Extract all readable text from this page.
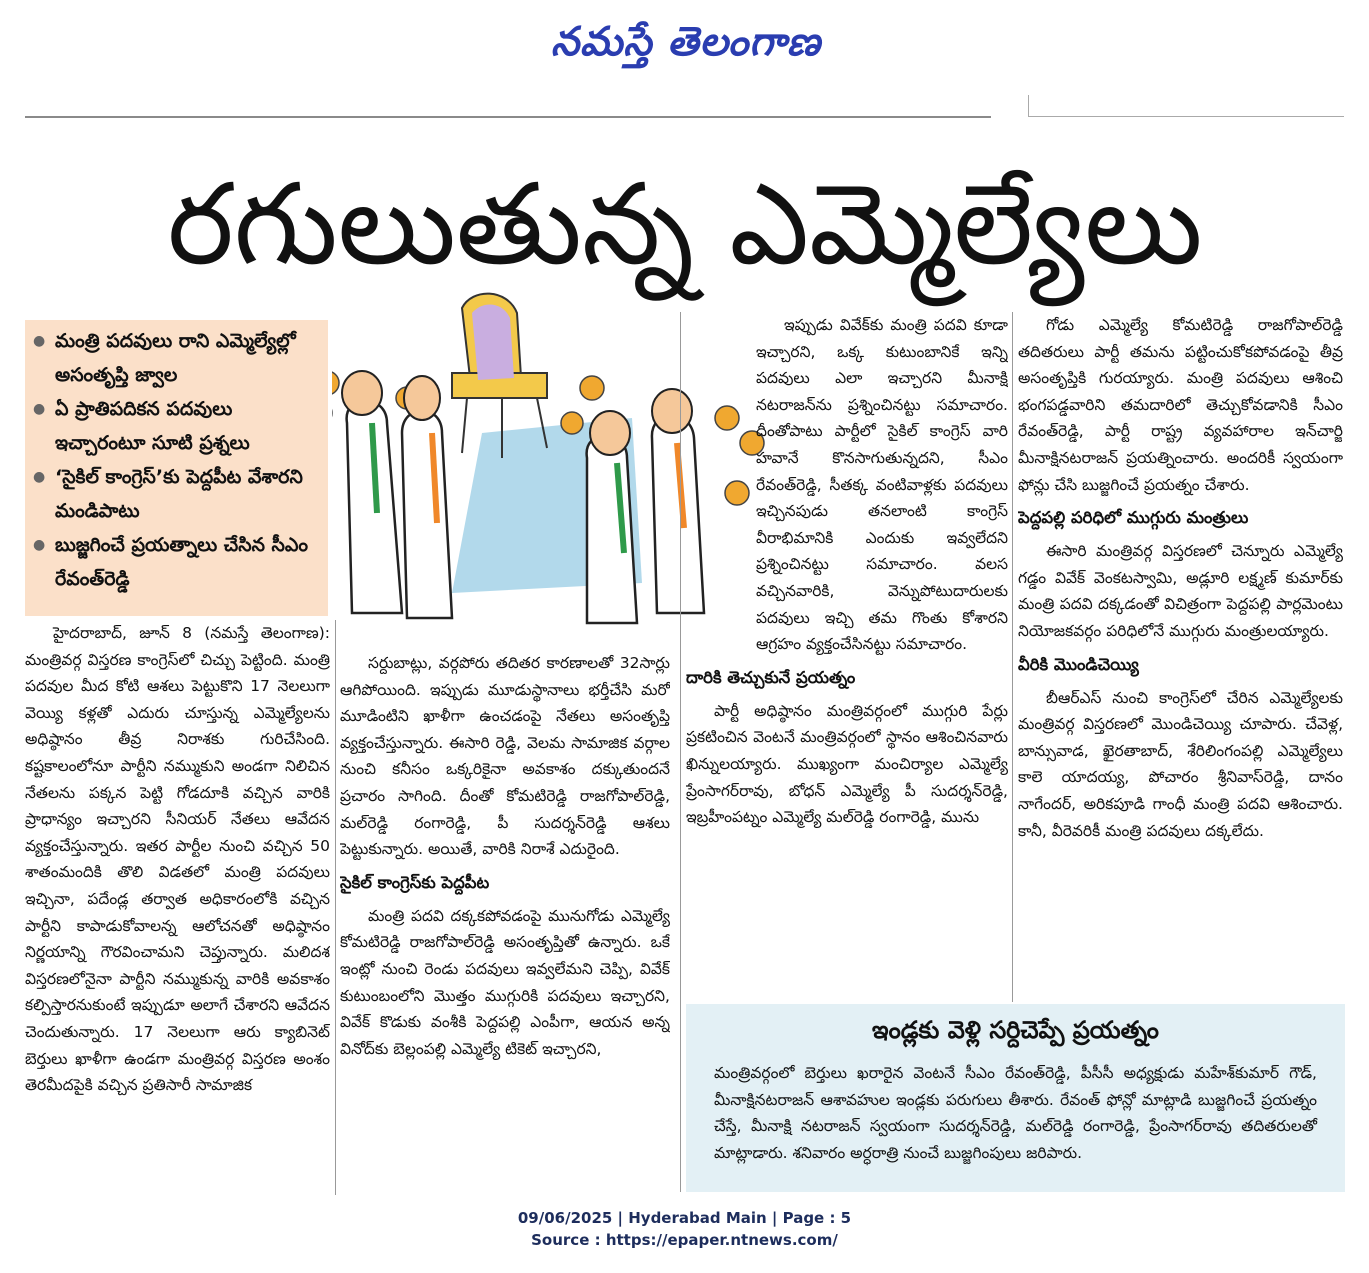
నమస్తే తెలంగాణ
రగులుతున్న ఎమ్మెల్యేలు
● మంత్రి పదవులు రాని ఎమ్మెల్యేల్లో అసంతృప్తి జ్వాల
● ఏ ప్రాతిపదికన పదవులు ఇచ్చారంటూ సూటి ప్రశ్నలు
● ‘సైకిల్ కాంగ్రెస్’కు పెద్దపీట వేశారని మండిపాటు
● బుజ్జగించే ప్రయత్నాలు చేసిన సీఎం రేవంత్‌రెడ్డి

హైదరాబాద్, జూన్ 8 (నమస్తే తెలంగాణ): మంత్రివర్గ విస్తరణ కాంగ్రెస్‌లో చిచ్చు పెట్టింది. మంత్రి పదవుల మీద కోటి ఆశలు పెట్టుకొని 17 నెలలుగా వెయ్యి కళ్లతో ఎదురు చూస్తున్న ఎమ్మెల్యేలను అధిష్ఠానం తీవ్ర నిరాశకు గురిచేసింది. కష్టకాలంలోనూ పార్టీని నమ్ముకుని అండగా నిలిచిన నేతలను పక్కన పెట్టి గోడదూకి వచ్చిన వారికి ప్రాధాన్యం ఇచ్చారని సీనియర్ నేతలు ఆవేదన వ్యక్తంచేస్తున్నారు. ఇతర పార్టీల నుంచి వచ్చిన 50 శాతంమందికి తొలి విడతలో మంత్రి పదవులు ఇచ్చినా, పదేండ్ల తర్వాత అధికారంలోకి వచ్చిన పార్టీని కాపాడుకోవాలన్న ఆలోచనతో అధిష్ఠానం నిర్ణయాన్ని గౌరవించామని చెప్తున్నారు. మలిదశ విస్తరణలోనైనా పార్టీని నమ్ముకున్న వారికి అవకాశం కల్పిస్తారనుకుంటే ఇప్పుడూ అలాగే చేశారని ఆవేదన చెందుతున్నారు. 17 నెలలుగా ఆరు క్యాబినెట్ బెర్తులు ఖాళీగా ఉండగా మంత్రివర్గ విస్తరణ అంశం తెరమీదపైకి వచ్చిన ప్రతిసారీ సామాజిక

సర్దుబాట్లు, వర్గపోరు తదితర కారణాలతో 32సార్లు ఆగిపోయింది. ఇప్పుడు మూడుస్థానాలు భర్తీచేసి మరో మూడింటిని ఖాళీగా ఉంచడంపై నేతలు అసంతృప్తి వ్యక్తంచేస్తున్నారు. ఈసారి రెడ్డి, వెలమ సామాజిక వర్గాల నుంచి కనీసం ఒక్కరికైనా అవకాశం దక్కుతుందనే ప్రచారం సాగింది. దీంతో కోమటిరెడ్డి రాజగోపాల్‌రెడ్డి, మల్‌రెడ్డి రంగారెడ్డి, పీ సుదర్శన్‌రెడ్డి ఆశలు పెట్టుకున్నారు. అయితే, వారికి నిరాశే ఎదురైంది.

సైకిల్ కాంగ్రెస్‌కు పెద్దపీట

మంత్రి పదవి దక్కకపోవడంపై మునుగోడు ఎమ్మెల్యే కోమటిరెడ్డి రాజగోపాల్‌రెడ్డి అసంతృప్తితో ఉన్నారు. ఒకే ఇంట్లో నుంచి రెండు పదవులు ఇవ్వలేమని చెప్పి, వివేక్ కుటుంబంలోని మొత్తం ముగ్గురికి పదవులు ఇచ్చారని, వివేక్ కొడుకు వంశీకి పెద్దపల్లి ఎంపీగా, ఆయన అన్న వినోద్‌కు బెల్లంపల్లి ఎమ్మెల్యే టికెట్ ఇచ్చారని,

ఇప్పుడు వివేక్‌కు మంత్రి పదవి కూడా ఇచ్చారని, ఒక్క కుటుంబానికే ఇన్ని పదవులు ఎలా ఇచ్చారని మీనాక్షి నటరాజన్‌ను ప్రశ్నించినట్టు సమాచారం. దీంతోపాటు పార్టీలో సైకిల్ కాంగ్రెస్ వారి హవానే కొనసాగుతున్నదని, సీఎం రేవంత్‌రెడ్డి, సీతక్క వంటివాళ్లకు పదవులు ఇచ్చినపుడు తనలాంటి కాంగ్రెస్ వీరాభిమానికి ఎందుకు ఇవ్వలేదని ప్రశ్నించినట్టు సమాచారం. వలస వచ్చినవారికి, వెన్నుపోటుదారులకు పదవులు ఇచ్చి తమ గొంతు కోశారని ఆగ్రహం వ్యక్తంచేసినట్టు సమాచారం.

దారికి తెచ్చుకునే ప్రయత్నం

పార్టీ అధిష్ఠానం మంత్రివర్గంలో ముగ్గురి పేర్లు ప్రకటించిన వెంటనే మంత్రివర్గంలో స్థానం ఆశించినవారు ఖిన్నులయ్యారు. ముఖ్యంగా మంచిర్యాల ఎమ్మెల్యే ప్రేంసాగర్‌రావు, బోధన్ ఎమ్మెల్యే పీ సుదర్శన్‌రెడ్డి, ఇబ్రహీంపట్నం ఎమ్మెల్యే మల్‌రెడ్డి రంగారెడ్డి, మును

గోడు ఎమ్మెల్యే కోమటిరెడ్డి రాజగోపాల్‌రెడ్డి తదితరులు పార్టీ తమను పట్టించుకోకపోవడంపై తీవ్ర అసంతృప్తికి గురయ్యారు. మంత్రి పదవులు ఆశించి భంగపడ్డవారిని తమదారిలో తెచ్చుకోవడానికి సీఎం రేవంత్‌రెడ్డి, పార్టీ రాష్ట్ర వ్యవహారాల ఇన్‌చార్జి మీనాక్షినటరాజన్ ప్రయత్నించారు. అందరికీ స్వయంగా ఫోన్లు చేసి బుజ్జగించే ప్రయత్నం చేశారు.

పెద్దపల్లి పరిధిలో ముగ్గురు మంత్రులు

ఈసారి మంత్రివర్గ విస్తరణలో చెన్నూరు ఎమ్మెల్యే గడ్డం వివేక్ వెంకటస్వామి, అడ్లూరి లక్ష్మణ్ కుమార్‌కు మంత్రి పదవి దక్కడంతో విచిత్రంగా పెద్దపల్లి పార్లమెంటు నియోజకవర్గం పరిధిలోనే ముగ్గురు మంత్రులయ్యారు.

వీరికి మొండిచెయ్యి

బీఆర్‌ఎస్ నుంచి కాంగ్రెస్‌లో చేరిన ఎమ్మెల్యేలకు మంత్రివర్గ విస్తరణలో మొండిచెయ్యి చూపారు. చేవెళ్ల, బాన్సువాడ, ఖైరతాబాద్, శేరిలింగంపల్లి ఎమ్మెల్యేలు కాలె యాదయ్య, పోచారం శ్రీనివాస్‌రెడ్డి, దానం నాగేందర్, అరికపూడి గాంధీ మంత్రి పదవి ఆశించారు. కానీ, వీరెవరికీ మంత్రి పదవులు దక్కలేదు.

ఇండ్లకు వెళ్లి సర్దిచెప్పే ప్రయత్నం
మంత్రివర్గంలో బెర్తులు ఖరారైన వెంటనే సీఎం రేవంత్‌రెడ్డి, పీసీసీ అధ్యక్షుడు మహేశ్‌కుమార్ గౌడ్, మీనాక్షినటరాజన్ ఆశావహుల ఇండ్లకు పరుగులు తీశారు. రేవంత్ ఫోన్లో మాట్లాడి బుజ్జగించే ప్రయత్నం చేస్తే, మీనాక్షి నటరాజన్ స్వయంగా సుదర్శన్‌రెడ్డి, మల్‌రెడ్డి రంగారెడ్డి, ప్రేంసాగర్‌రావు తదితరులతో మాట్లాడారు. శనివారం అర్ధరాత్రి నుంచే బుజ్జగింపులు జరిపారు.
09/06/2025 | Hyderabad Main | Page : 5
Source : https://epaper.ntnews.com/
